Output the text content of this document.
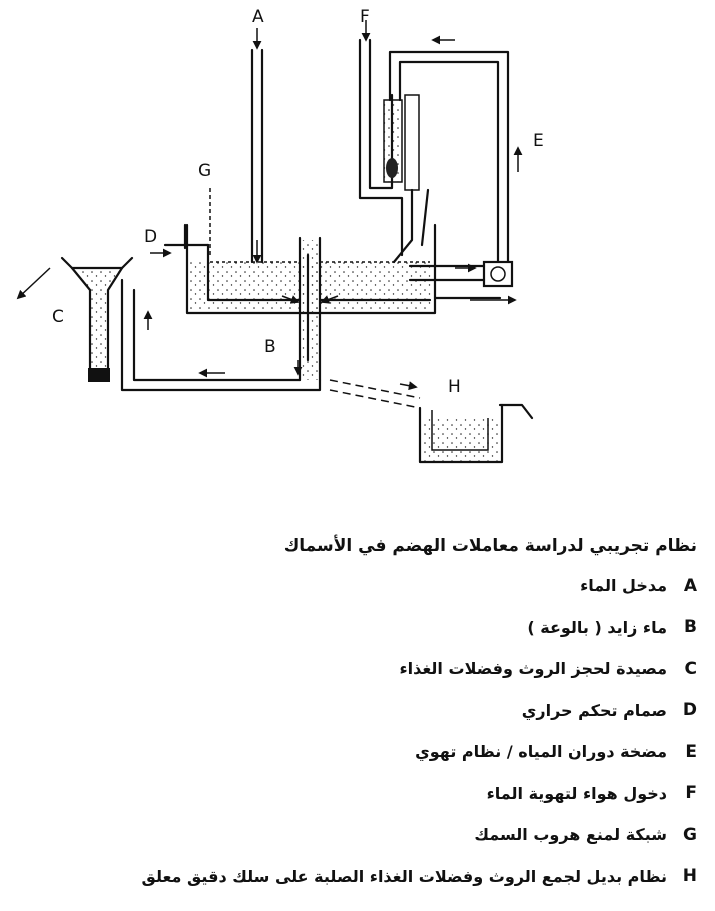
A	F
E
G
D
C
B
H
نظام تجريبي لدراسة معاملات الهضم في الأسماك
A
مدخل الماء
B
ماء زايد ( بالوعة )
C
مصيدة لحجز الروث وفضلات الغذاء
D
صمام تحكم حراري
E
مضخة دوران المياه / نظام تهوي
F
دخول هواء لتهوية الماء
G
شبكة لمنع هروب السمك
H
نظام بديل لجمع الروث وفضلات الغذاء الصلبة على سلك دقيق معلق
